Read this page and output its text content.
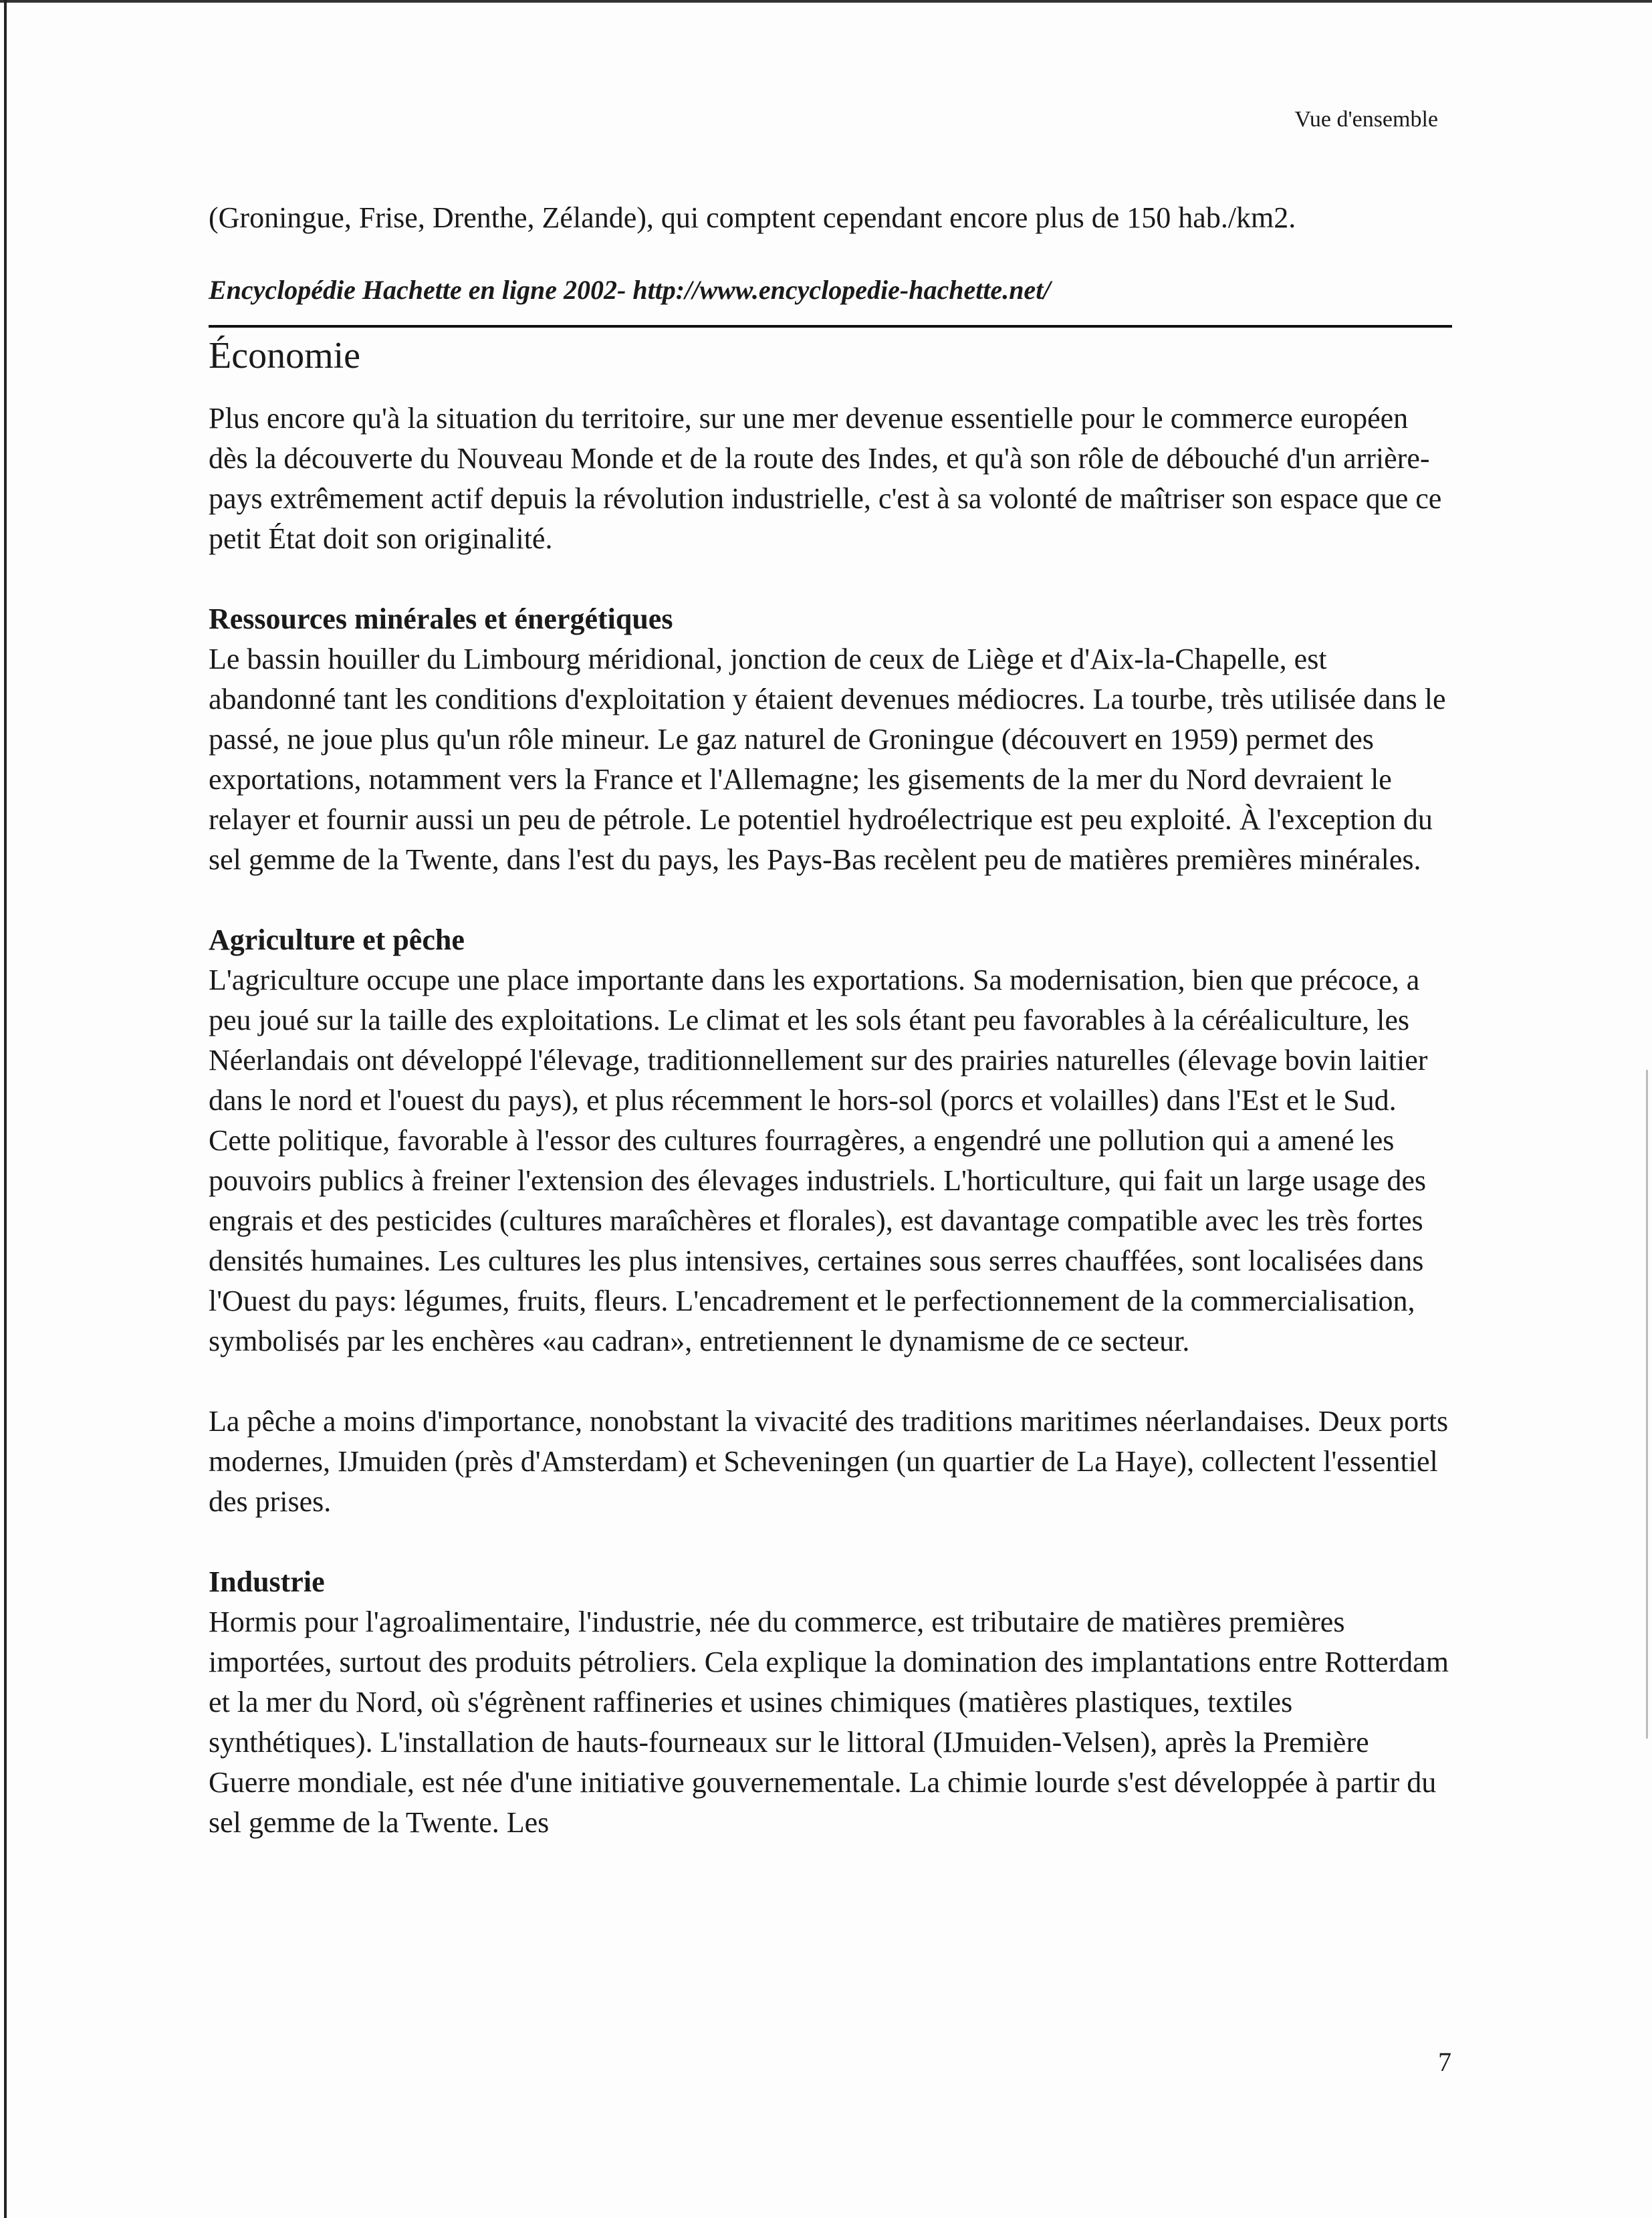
Vue d'ensemble

(Groningue, Frise, Drenthe, Zélande), qui comptent cependant encore plus de 150 hab./km2.

Encyclopédie Hachette en ligne 2002- http://www.encyclopedie-hachette.net/

Économie

Plus encore qu'à la situation du territoire, sur une mer devenue essentielle pour le commerce européen dès la découverte du Nouveau Monde et de la route des Indes, et qu'à son rôle de débouché d'un arrière-pays extrêmement actif depuis la révolution industrielle, c'est à sa volonté de maîtriser son espace que ce petit État doit son originalité.

Ressources minérales et énergétiques

Le bassin houiller du Limbourg méridional, jonction de ceux de Liège et d'Aix-la-Chapelle, est abandonné tant les conditions d'exploitation y étaient devenues médiocres. La tourbe, très utilisée dans le passé, ne joue plus qu'un rôle mineur. Le gaz naturel de Groningue (découvert en 1959) permet des exportations, notamment vers la France et l'Allemagne; les gisements de la mer du Nord devraient le relayer et fournir aussi un peu de pétrole. Le potentiel hydroélectrique est peu exploité. À l'exception du sel gemme de la Twente, dans l'est du pays, les Pays-Bas recèlent peu de matières premières minérales.

Agriculture et pêche

L'agriculture occupe une place importante dans les exportations. Sa modernisation, bien que précoce, a peu joué sur la taille des exploitations. Le climat et les sols étant peu favorables à la céréaliculture, les Néerlandais ont développé l'élevage, traditionnellement sur des prairies naturelles (élevage bovin laitier dans le nord et l'ouest du pays), et plus récemment le hors-sol (porcs et volailles) dans l'Est et le Sud. Cette politique, favorable à l'essor des cultures fourragères, a engendré une pollution qui a amené les pouvoirs publics à freiner l'extension des élevages industriels. L'horticulture, qui fait un large usage des engrais et des pesticides (cultures maraîchères et florales), est davantage compatible avec les très fortes densités humaines. Les cultures les plus intensives, certaines sous serres chauffées, sont localisées dans l'Ouest du pays: légumes, fruits, fleurs. L'encadrement et le perfectionnement de la commercialisation, symbolisés par les enchères «au cadran», entretiennent le dynamisme de ce secteur.

La pêche a moins d'importance, nonobstant la vivacité des traditions maritimes néerlandaises. Deux ports modernes, IJmuiden (près d'Amsterdam) et Scheveningen (un quartier de La Haye), collectent l'essentiel des prises.

Industrie

Hormis pour l'agroalimentaire, l'industrie, née du commerce, est tributaire de matières premières importées, surtout des produits pétroliers. Cela explique la domination des implantations entre Rotterdam et la mer du Nord, où s'égrènent raffineries et usines chimiques (matières plastiques, textiles synthétiques). L'installation de hauts-fourneaux sur le littoral (IJmuiden-Velsen), après la Première Guerre mondiale, est née d'une initiative gouvernementale. La chimie lourde s'est développée à partir du sel gemme de la Twente. Les

7
